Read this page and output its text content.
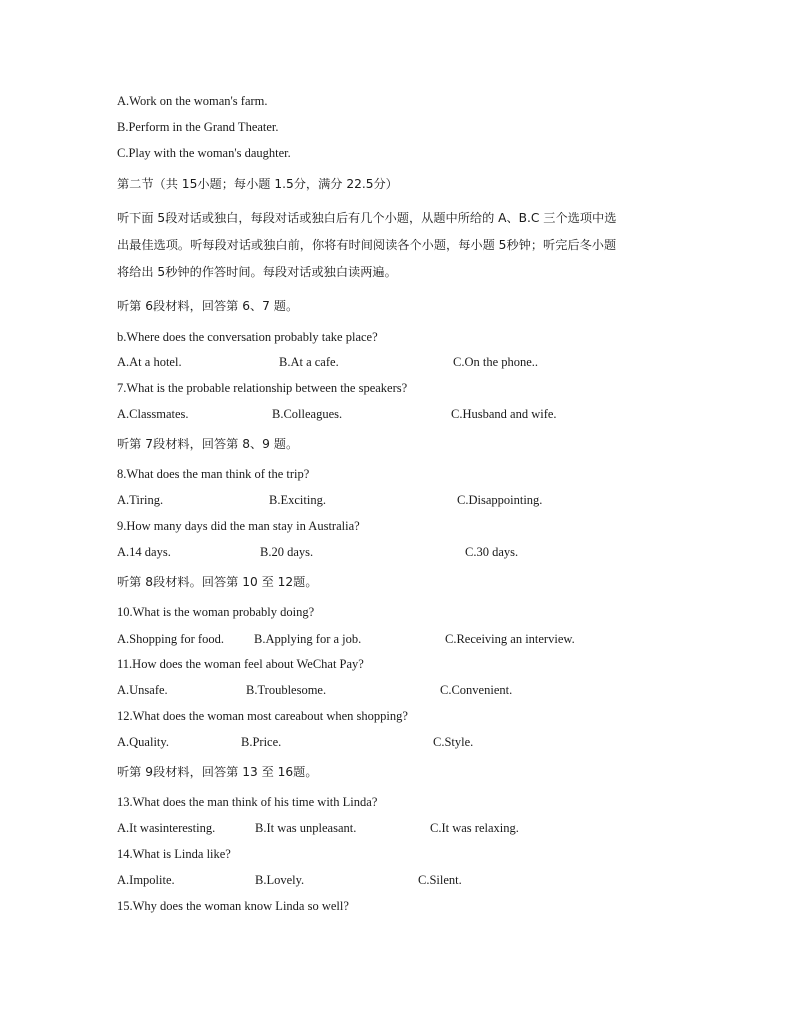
A.Work on the woman's farm.
B.Perform in the Grand Theater.
C.Play with the woman's daughter.
第二节（共 15小题；每小题 1.5分，满分 22.5分）
听下面 5段对话或独白，每段对话或独白后有几个小题，从题中所给的 A、B.C 三个选项中选
出最佳选项。听每段对话或独白前，你将有时间阅读各个小题，每小题 5秒钟；听完后冬小题
将给出 5秒钟的作答时间。每段对话或独白读两遍。
听第 6段材料，回答第 6、7 题。
b.Where does the conversation probably take place?
A.At a hotel.	B.At a cafe.	C.On the phone..
7.What is the probable relationship between the speakers?
A.Classmates.	B.Colleagues.	C.Husband and wife.
听第 7段材料，回答第 8、9 题。
8.What does the man think of the trip?
A.Tiring.	B.Exciting.	C.Disappointing.
9.How many days did the man stay in Australia?
A.14 days.	B.20 days.	C.30 days.
听第 8段材料。回答第 10 至 12题。
10.What is the woman probably doing?
A.Shopping for food. B.Applying for a job.	C.Receiving an interview.
11.How does the woman feel about WeChat Pay?
A.Unsafe.	B.Troublesome.	C.Convenient.
12.What does the woman most careabout when shopping?
A.Quality.	B.Price.	C.Style.
听第 9段材料，回答第 13 至 16题。
13.What does the man think of his time with Linda?
A.It wasinteresting.	B.It was unpleasant.	C.It was relaxing.
14.What is Linda like?
A.Impolite.	B.Lovely.	C.Silent.
15.Why does the woman know Linda so well?
